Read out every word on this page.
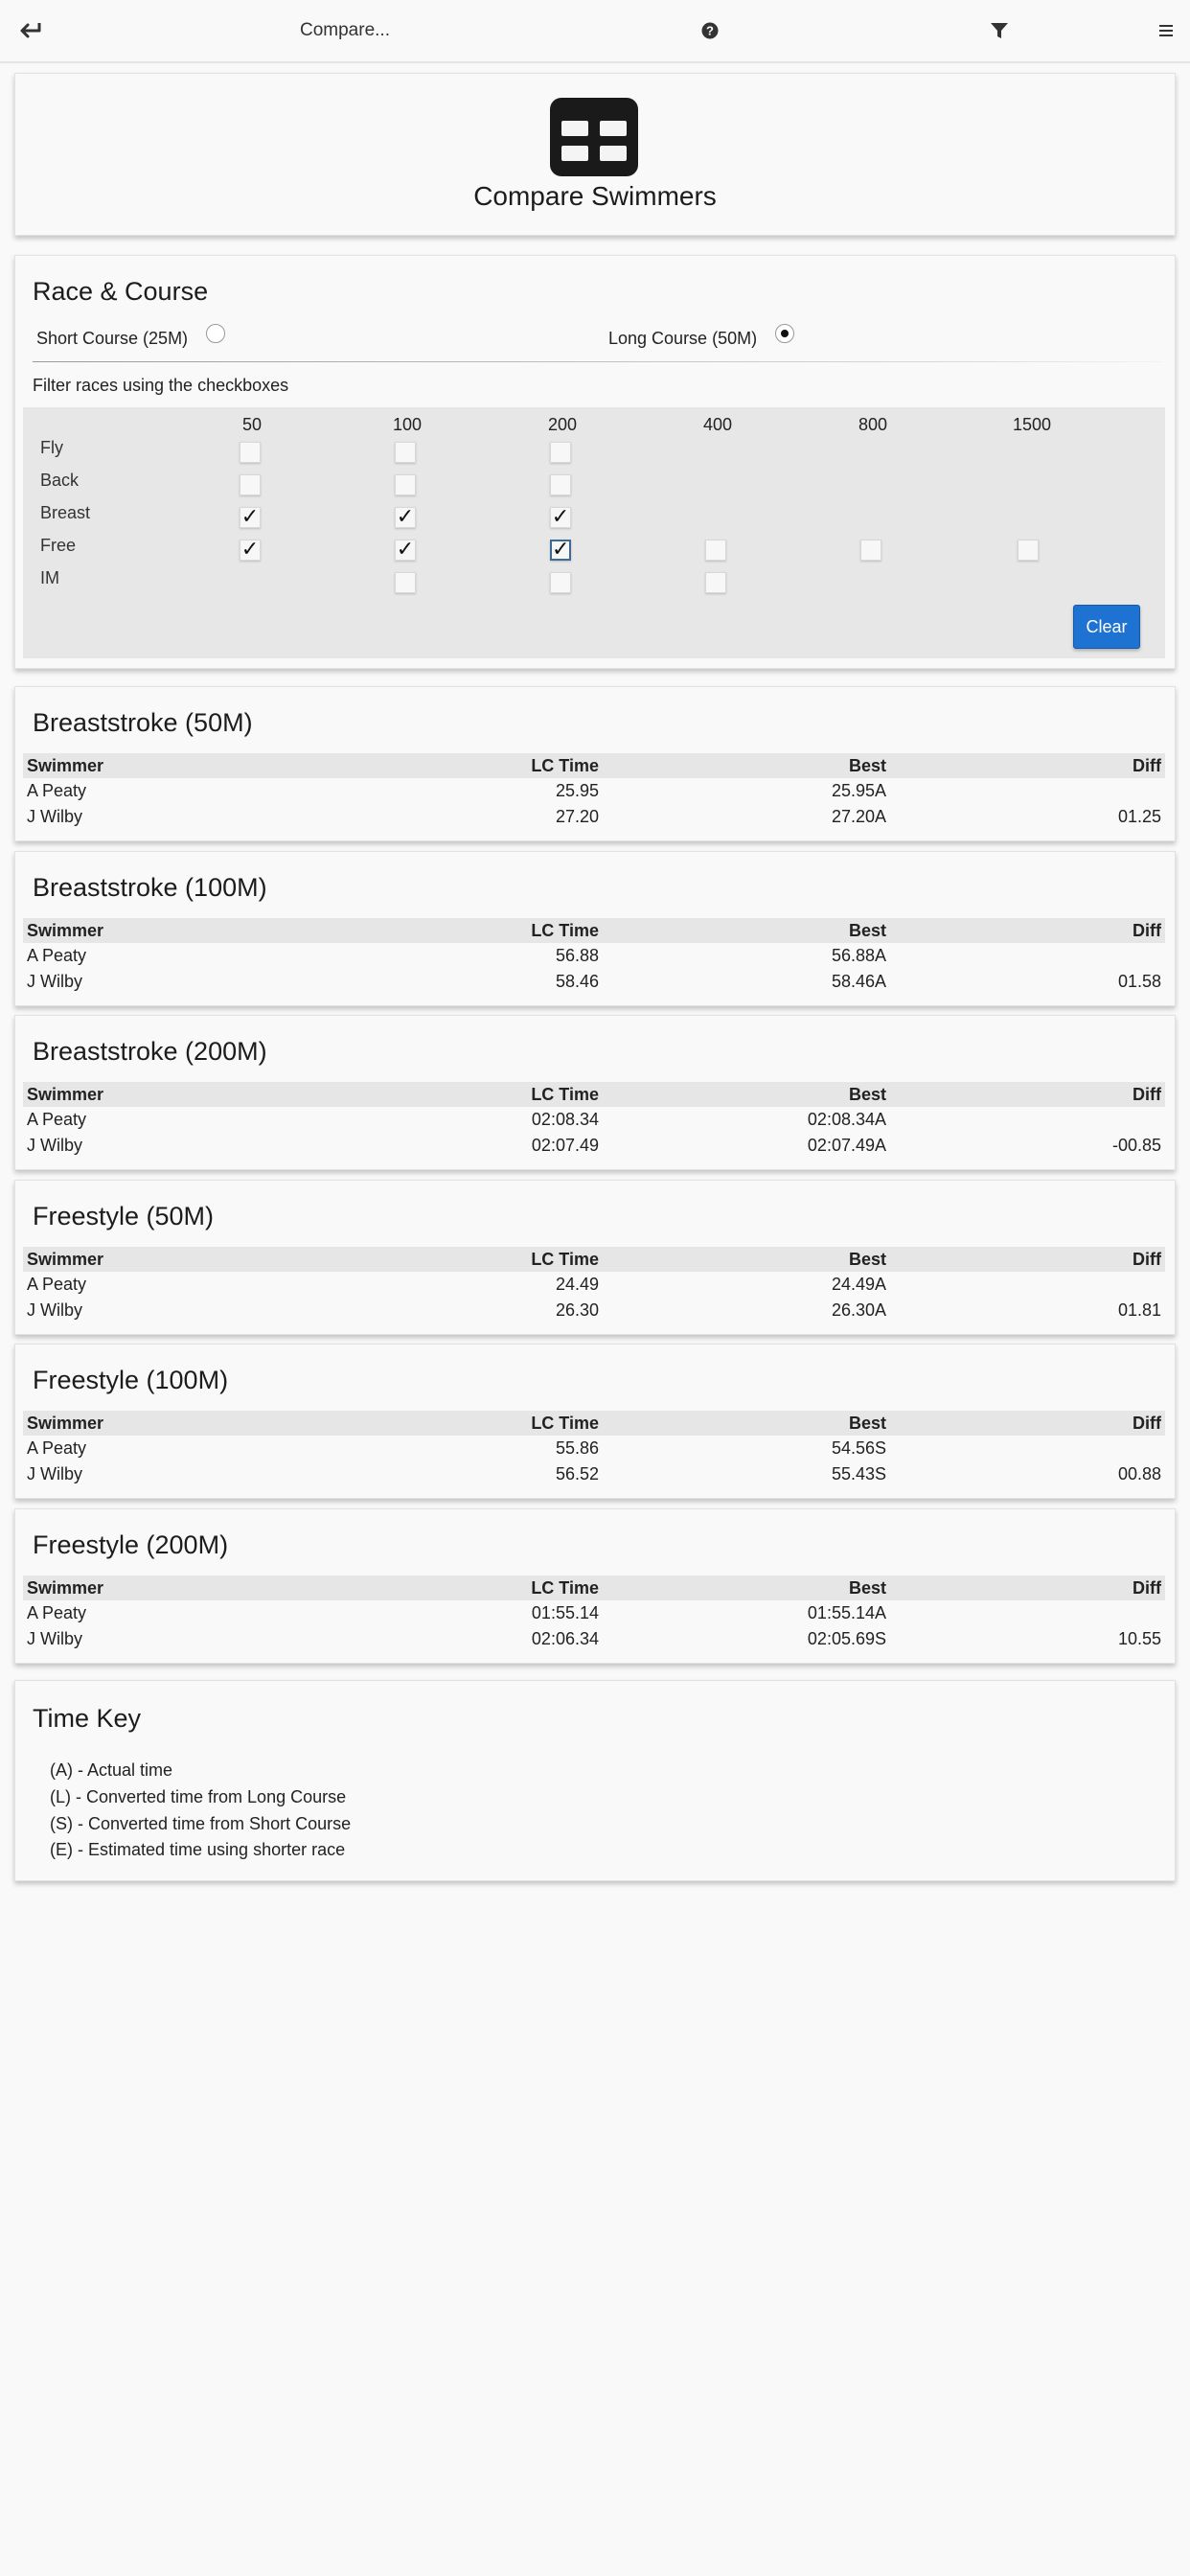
Compare...	?
Compare Swimmers
Race & Course
Short Course (25M)	Long Course (50M)
Filter races using the checkboxes
50	100	200	400	800	1500
Fly
Back
Breast
Free
IM
Clear
✓	✓	✓
✓	✓	✓
Breaststroke (50M)
Swimmer	LC Time	Best	Diff
A Peaty	25.95	25.95A	
J Wilby	27.20	27.20A	01.25
Breaststroke (100M)
Swimmer	LC Time	Best	Diff
A Peaty	56.88	56.88A	
J Wilby	58.46	58.46A	01.58
Breaststroke (200M)
Swimmer	LC Time	Best	Diff
A Peaty	02:08.34	02:08.34A	
J Wilby	02:07.49	02:07.49A	-00.85
Freestyle (50M)
Swimmer	LC Time	Best	Diff
A Peaty	24.49	24.49A	
J Wilby	26.30	26.30A	01.81
Freestyle (100M)
Swimmer	LC Time	Best	Diff
A Peaty	55.86	54.56S	
J Wilby	56.52	55.43S	00.88
Freestyle (200M)
Swimmer	LC Time	Best	Diff
A Peaty	01:55.14	01:55.14A	
J Wilby	02:06.34	02:05.69S	10.55
Time Key
(A) - Actual time
(L) - Converted time from Long Course
(S) - Converted time from Short Course
(E) - Estimated time using shorter race
